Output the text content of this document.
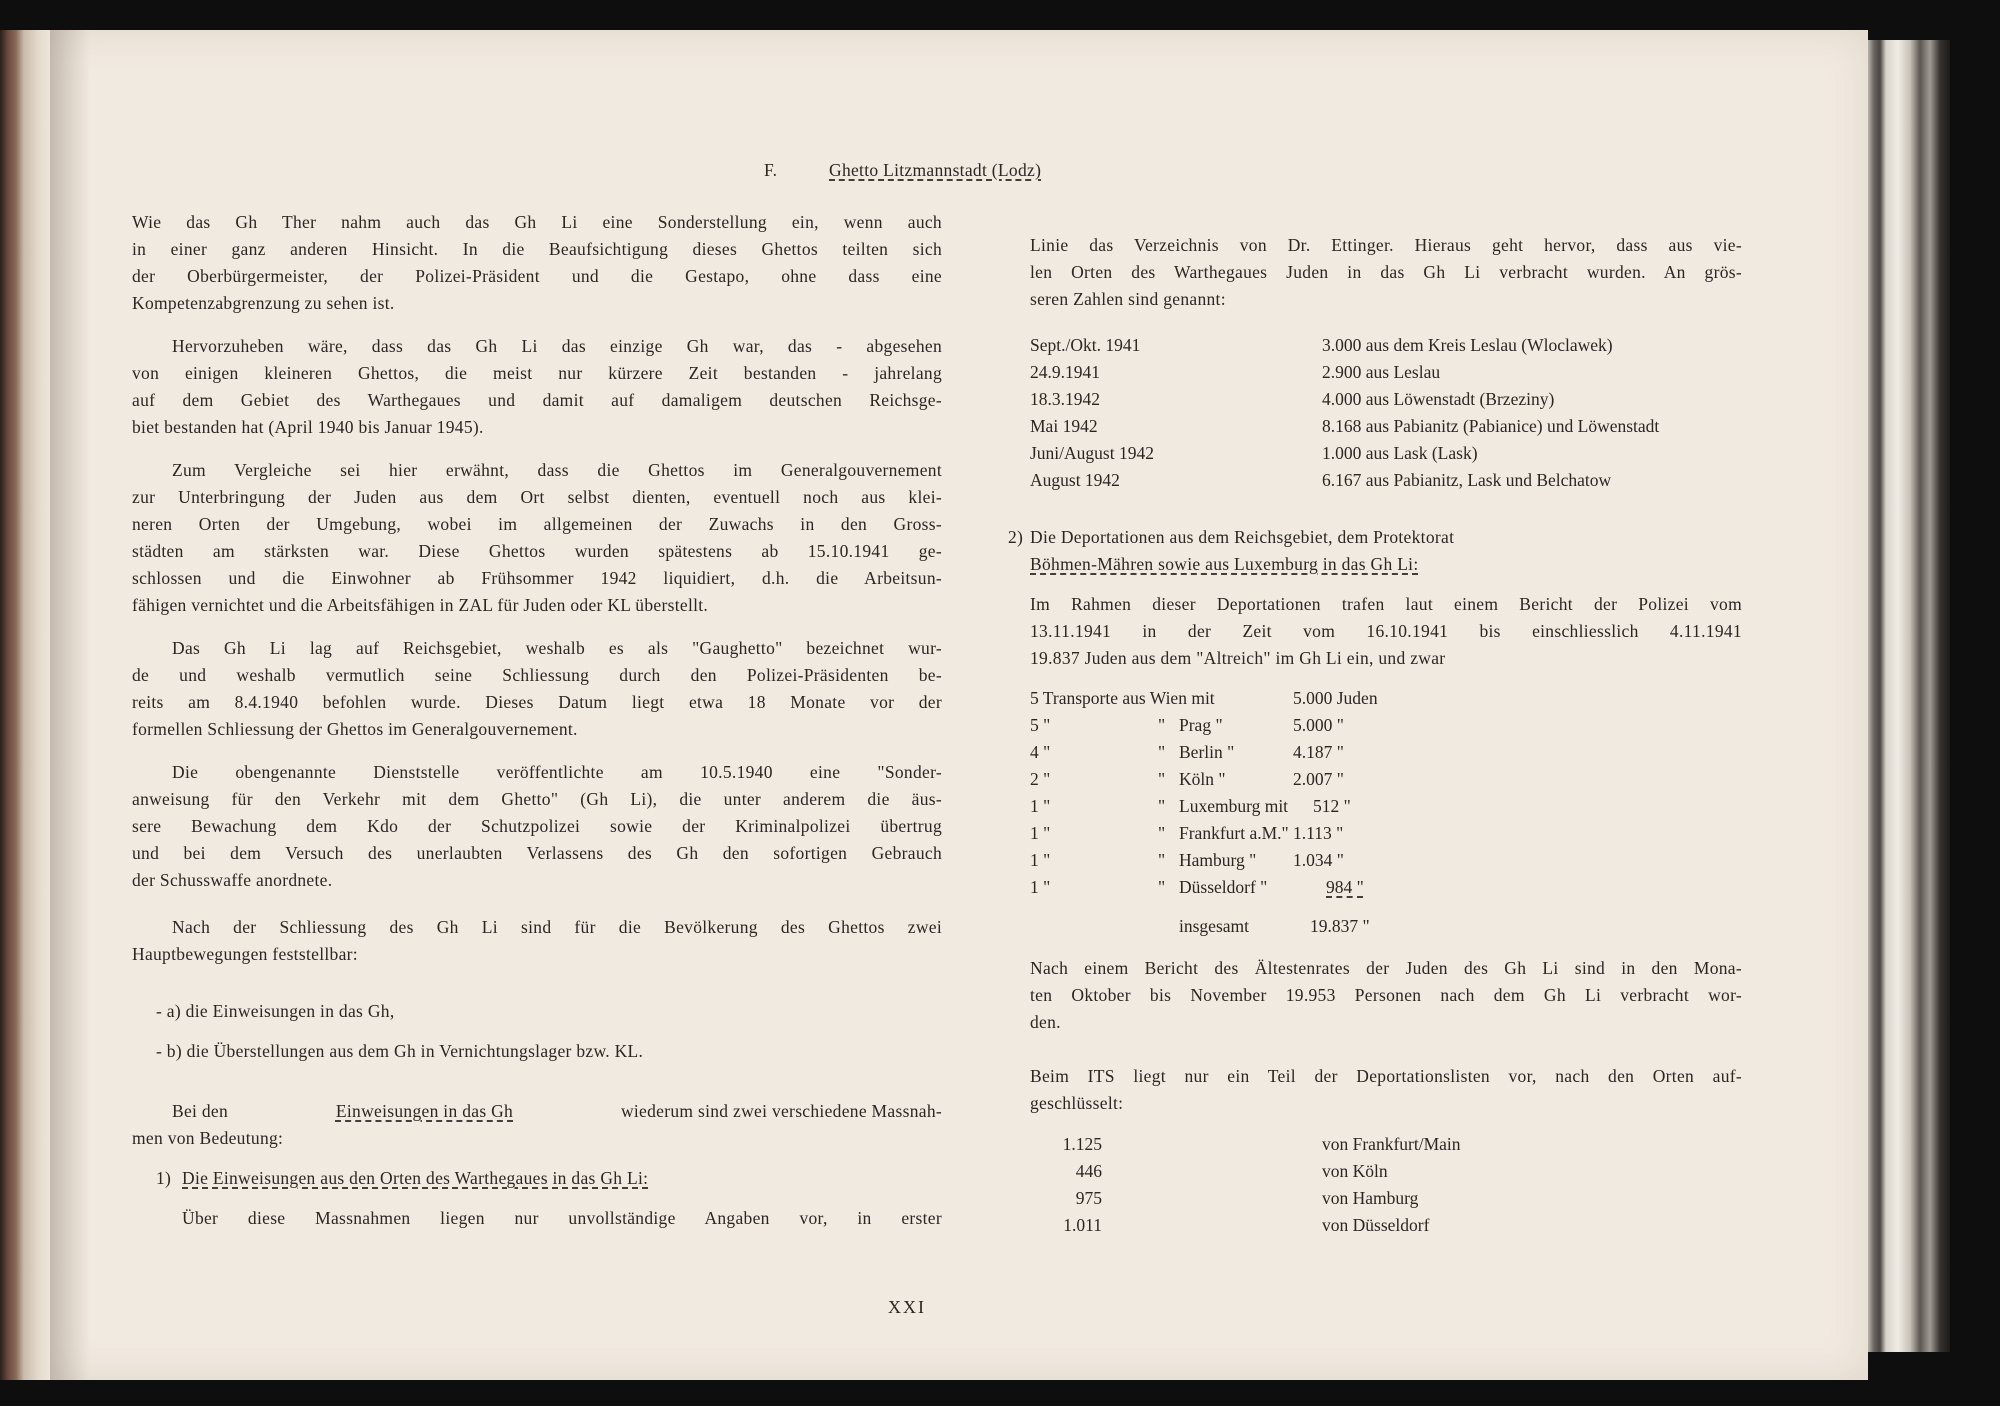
F.	Ghetto Litzmannstadt (Lodz)
Wie das Gh Ther nahm auch das Gh Li eine Sonderstellung ein, wenn auch
in einer ganz anderen Hinsicht. In die Beaufsichtigung dieses Ghettos teilten sich
der Oberbürgermeister, der Polizei-Präsident und die Gestapo, ohne dass eine
Kompetenzabgrenzung zu sehen ist.
Hervorzuheben wäre, dass das Gh Li das einzige Gh war, das - abgesehen
von einigen kleineren Ghettos, die meist nur kürzere Zeit bestanden - jahrelang
auf dem Gebiet des Warthegaues und damit auf damaligem deutschen Reichsge-
biet bestanden hat (April 1940 bis Januar 1945).
Zum Vergleiche sei hier erwähnt, dass die Ghettos im Generalgouvernement
zur Unterbringung der Juden aus dem Ort selbst dienten, eventuell noch aus klei-
neren Orten der Umgebung, wobei im allgemeinen der Zuwachs in den Gross-
städten am stärksten war. Diese Ghettos wurden spätestens ab 15.10.1941 ge-
schlossen und die Einwohner ab Frühsommer 1942 liquidiert, d.h. die Arbeitsun-
fähigen vernichtet und die Arbeitsfähigen in ZAL für Juden oder KL überstellt.
Das Gh Li lag auf Reichsgebiet, weshalb es als "Gaughetto" bezeichnet wur-
de und weshalb vermutlich seine Schliessung durch den Polizei-Präsidenten be-
reits am 8.4.1940 befohlen wurde. Dieses Datum liegt etwa 18 Monate vor der
formellen Schliessung der Ghettos im Generalgouvernement.
Die obengenannte Dienststelle veröffentlichte am 10.5.1940 eine "Sonder-
anweisung für den Verkehr mit dem Ghetto" (Gh Li), die unter anderem die äus-
sere Bewachung dem Kdo der Schutzpolizei sowie der Kriminalpolizei übertrug
und bei dem Versuch des unerlaubten Verlassens des Gh den sofortigen Gebrauch
der Schusswaffe anordnete.
Nach der Schliessung des Gh Li sind für die Bevölkerung des Ghettos zwei
Hauptbewegungen feststellbar:
- a) die Einweisungen in das Gh,
- b) die Überstellungen aus dem Gh in Vernichtungslager bzw. KL.
Bei den	Einweisungen in das Gh	wiederum sind zwei verschiedene Massnah-
men von Bedeutung:
1) Die Einweisungen aus den Orten des Warthegaues in das Gh Li:
Über diese Massnahmen liegen nur unvollständige Angaben vor, in erster
Linie das Verzeichnis von Dr. Ettinger. Hieraus geht hervor, dass aus vie-
len Orten des Warthegaues Juden in das Gh Li verbracht wurden. An grös-
seren Zahlen sind genannt:
Sept./Okt. 1941	3.000 aus dem Kreis Leslau (Wloclawek)
24.9.1941	2.900 aus Leslau
18.3.1942	4.000 aus Löwenstadt (Brzeziny)
Mai 1942	8.168 aus Pabianitz (Pabianice) und Löwenstadt
Juni/August 1942	1.000 aus Lask (Lask)
August 1942	6.167 aus Pabianitz, Lask und Belchatow
2) Die Deportationen aus dem Reichsgebiet, dem Protektorat
Böhmen-Mähren sowie aus Luxemburg in das Gh Li:
Im Rahmen dieser Deportationen trafen laut einem Bericht der Polizei vom
13.11.1941 in der Zeit vom 16.10.1941 bis einschliesslich 4.11.1941
19.837 Juden aus dem "Altreich" im Gh Li ein, und zwar
5 Transporte aus Wien mit	5.000 Juden
5 "	" Prag "	5.000 "
4 "	" Berlin "	4.187 "
2 "	" Köln "	2.007 "
1 "	" Luxemburg mit 512 "
1 "	" Frankfurt a.M." 1.113 "
1 "	" Hamburg " 1.034 "
1 "	" Düsseldorf "	984 "
insgesamt	19.837 "
Nach einem Bericht des Ältestenrates der Juden des Gh Li sind in den Mona-
ten Oktober bis November 19.953 Personen nach dem Gh Li verbracht wor-
den.
Beim ITS liegt nur ein Teil der Deportationslisten vor, nach den Orten auf-
geschlüsselt:
1.125	von Frankfurt/Main
446	von Köln
975	von Hamburg
1.011	von Düsseldorf
XXI
